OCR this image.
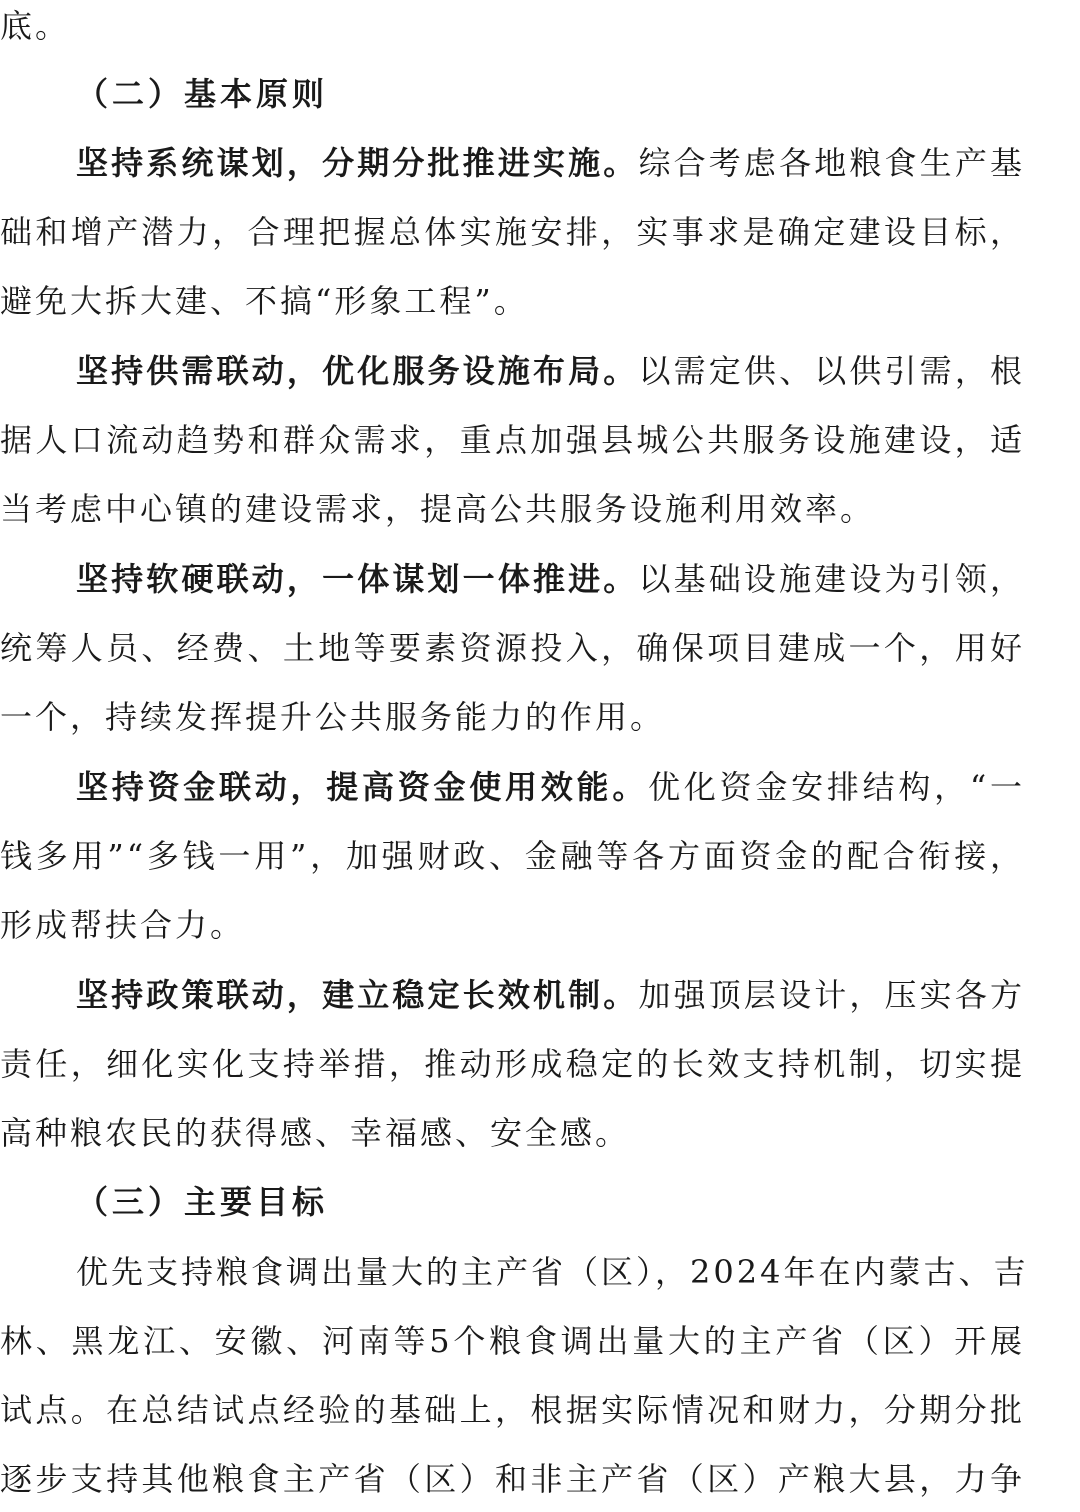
底。
（二）基本原则
坚持系统谋划，分期分批推进实施。综合考虑各地粮食生产基
础和增产潜力，合理把握总体实施安排，实事求是确定建设目标，
避免大拆大建、不搞“形象工程”。
坚持供需联动，优化服务设施布局。以需定供、以供引需，根
据人口流动趋势和群众需求，重点加强县城公共服务设施建设，适
当考虑中心镇的建设需求，提高公共服务设施利用效率。
坚持软硬联动，一体谋划一体推进。以基础设施建设为引领，
统筹人员、经费、土地等要素资源投入，确保项目建成一个，用好
一个，持续发挥提升公共服务能力的作用。
坚持资金联动，提高资金使用效能。优化资金安排结构，“一
钱多用”“多钱一用”，加强财政、金融等各方面资金的配合衔接，
形成帮扶合力。
坚持政策联动，建立稳定长效机制。加强顶层设计，压实各方
责任，细化实化支持举措，推动形成稳定的长效支持机制，切实提
高种粮农民的获得感、幸福感、安全感。
（三）主要目标
优先支持粮食调出量大的主产省（区），2024年在内蒙古、吉
林、黑龙江、安徽、河南等5个粮食调出量大的主产省（区）开展
试点。在总结试点经验的基础上，根据实际情况和财力，分期分批
逐步支持其他粮食主产省（区）和非主产省（区）产粮大县，力争
